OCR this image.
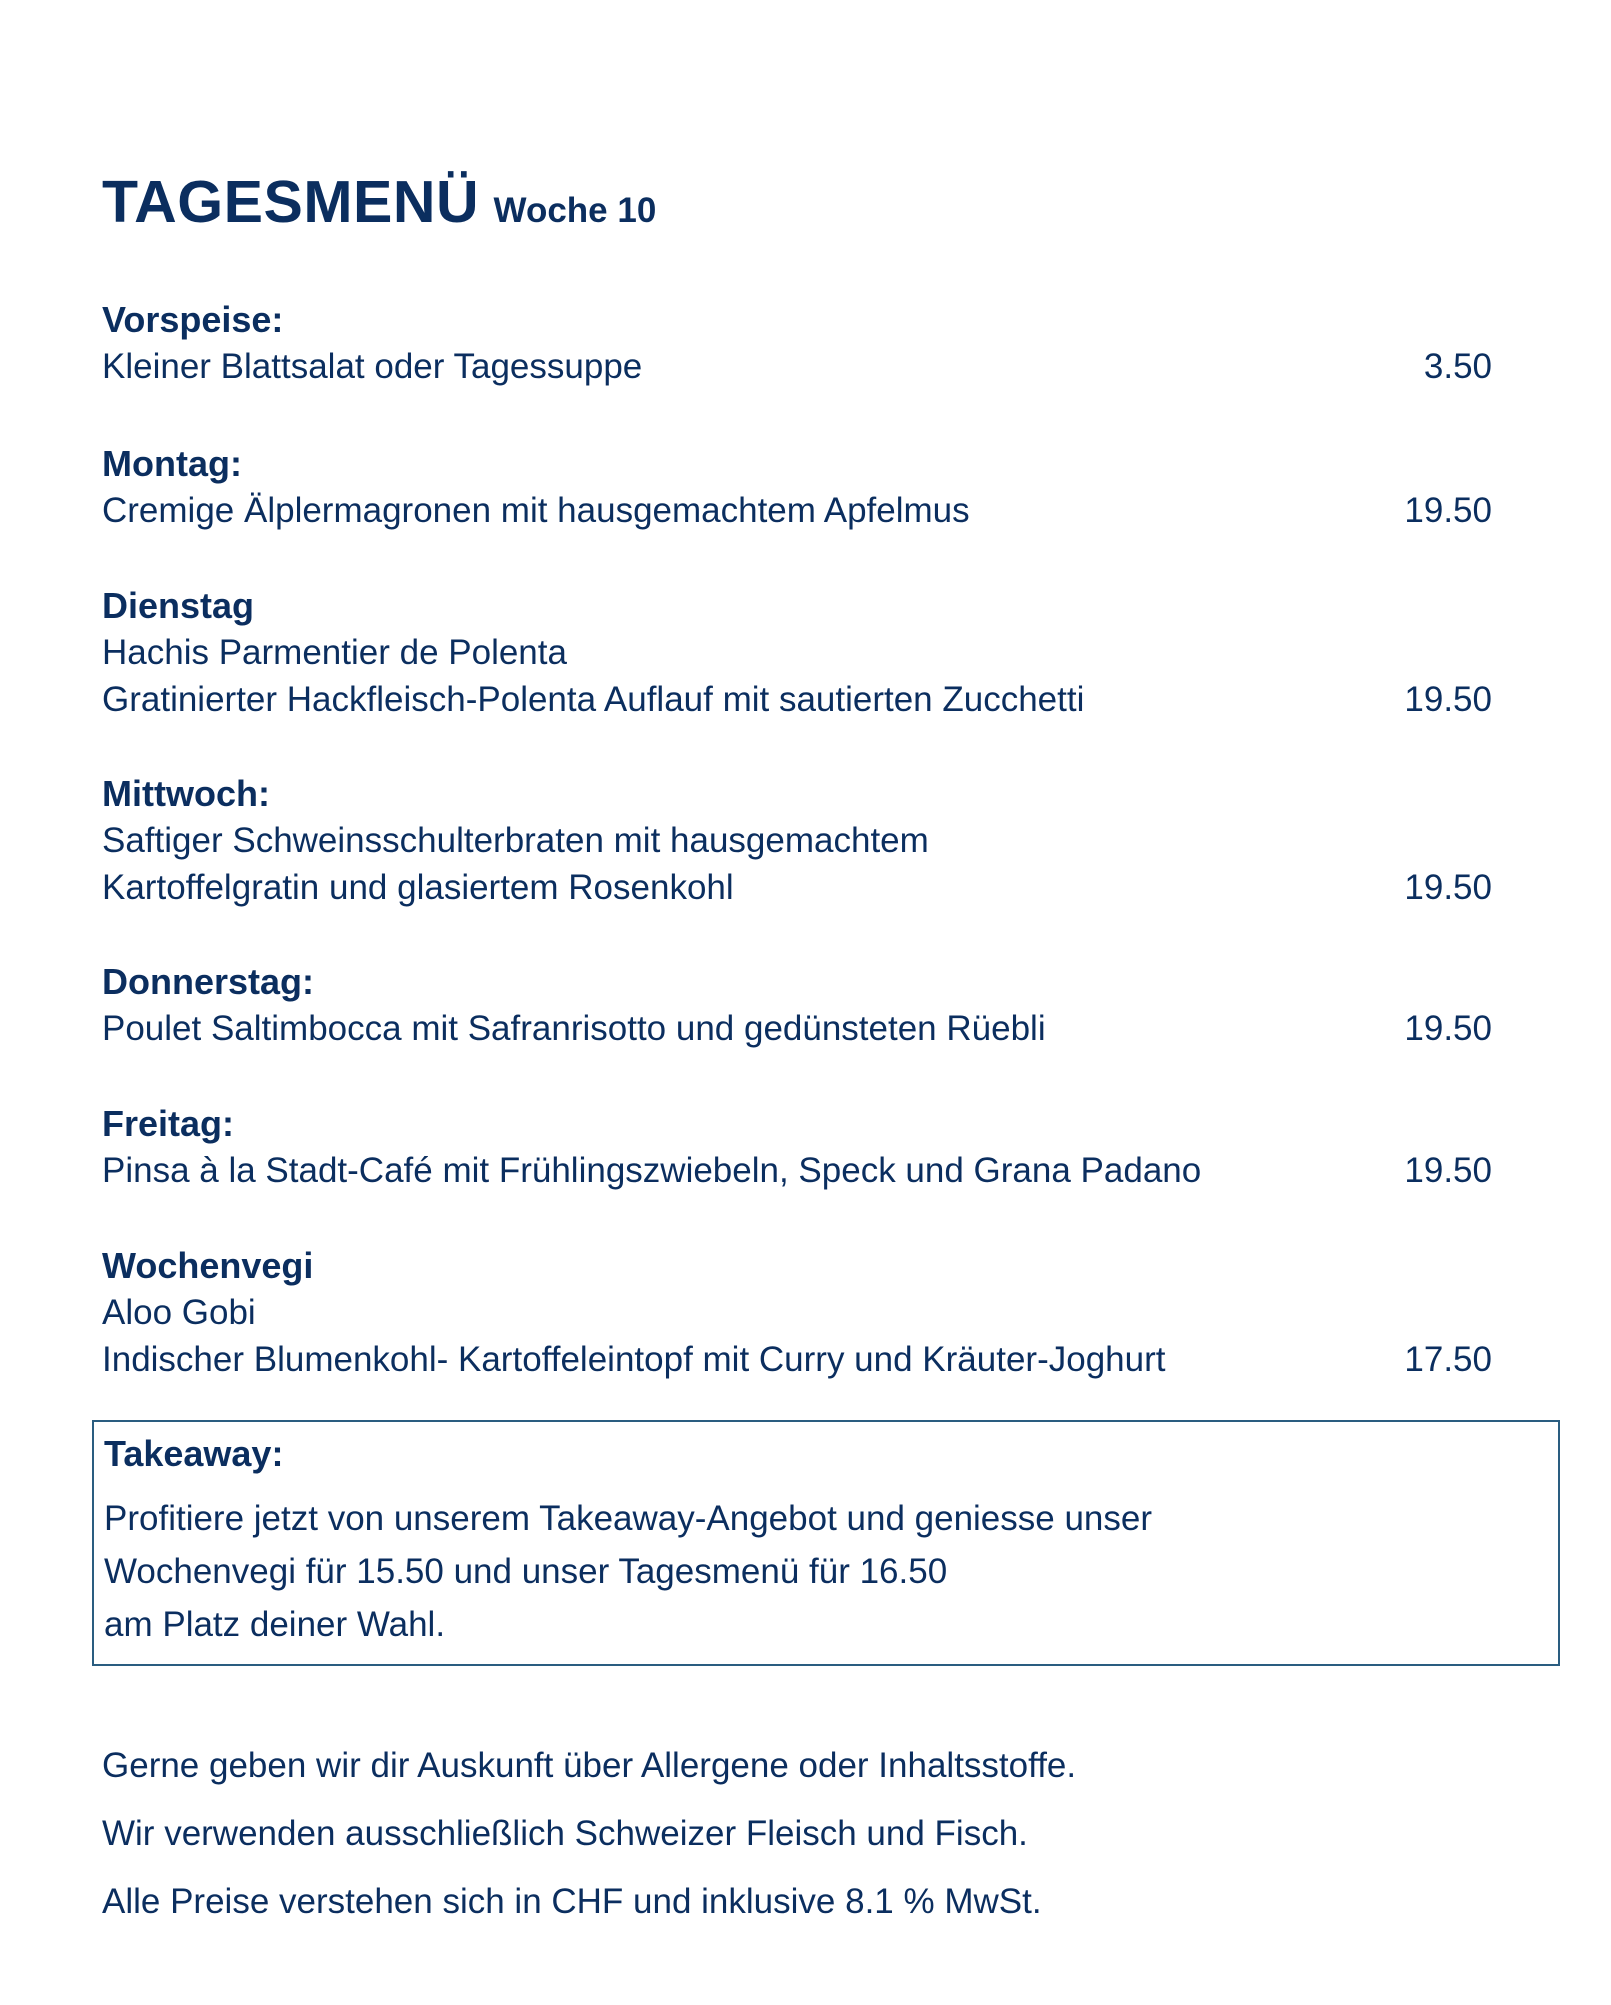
TAGESMENÜ Woche 10
Vorspeise:
Kleiner Blattsalat oder Tagessuppe	3.50
Montag:
Cremige Älplermagronen mit hausgemachtem Apfelmus	19.50
Dienstag
Hachis Parmentier de Polenta
Gratinierter Hackfleisch-Polenta Auflauf mit sautierten Zucchetti	19.50
Mittwoch:
Saftiger Schweinsschulterbraten mit hausgemachtem
Kartoffelgratin und glasiertem Rosenkohl	19.50
Donnerstag:
Poulet Saltimbocca mit Safranrisotto und gedünsteten Rüebli	19.50
Freitag:
Pinsa à la Stadt-Café mit Frühlingszwiebeln, Speck und Grana Padano	19.50
Wochenvegi
Aloo Gobi
Indischer Blumenkohl- Kartoffeleintopf mit Curry und Kräuter-Joghurt	17.50
Takeaway:
Profitiere jetzt von unserem Takeaway-Angebot und geniesse unser
Wochenvegi für 15.50 und unser Tagesmenü für 16.50
am Platz deiner Wahl.
Gerne geben wir dir Auskunft über Allergene oder Inhaltsstoffe.
Wir verwenden ausschließlich Schweizer Fleisch und Fisch.
Alle Preise verstehen sich in CHF und inklusive 8.1 % MwSt.
